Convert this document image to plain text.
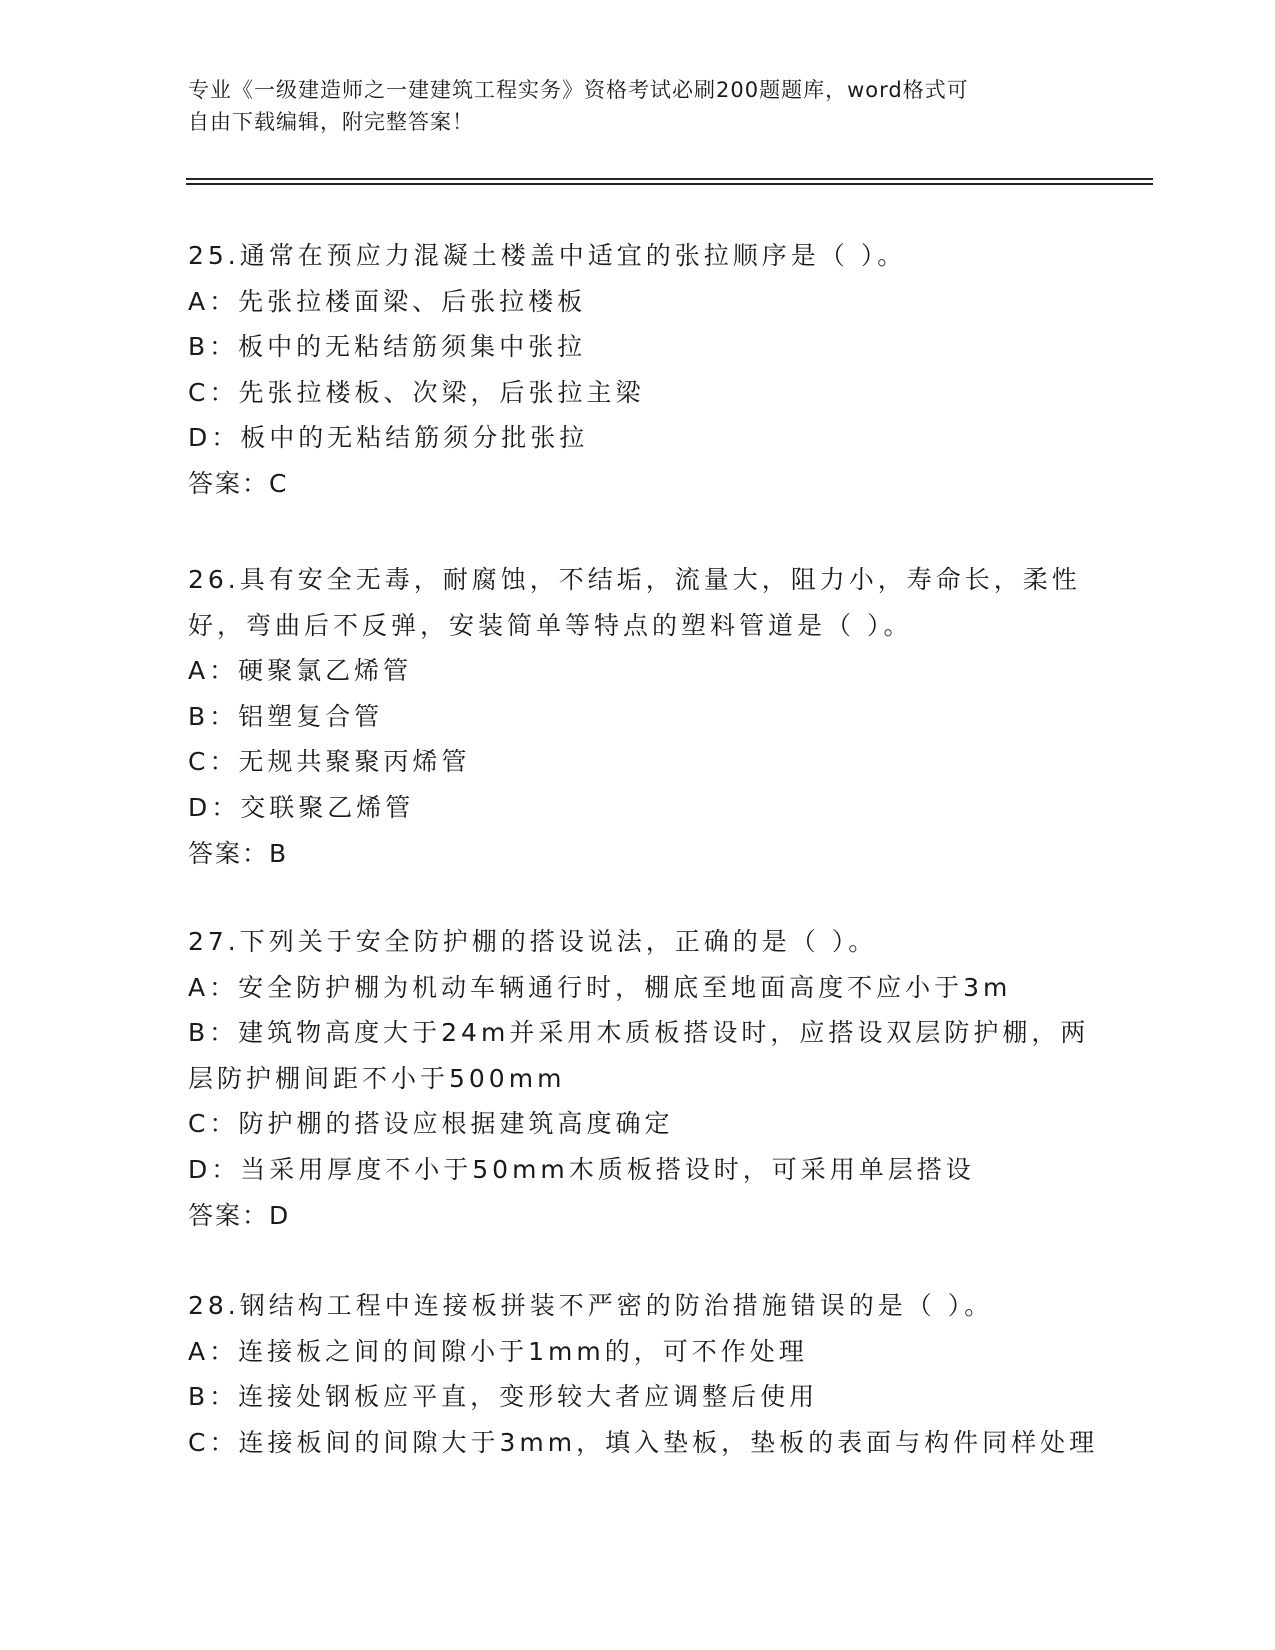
专业《一级建造师之一建建筑工程实务》资格考试必刷200题题库，word格式可
自由下载编辑，附完整答案！
25.通常在预应力混凝土楼盖中适宜的张拉顺序是（ ）。
A：先张拉楼面梁、后张拉楼板
B：板中的无粘结筋须集中张拉
C：先张拉楼板、次梁，后张拉主梁
D：板中的无粘结筋须分批张拉
答案：C
26.具有安全无毒，耐腐蚀，不结垢，流量大，阻力小，寿命长，柔性
好，弯曲后不反弹，安装简单等特点的塑料管道是（ ）。
A：硬聚氯乙烯管
B：铝塑复合管
C：无规共聚聚丙烯管
D：交联聚乙烯管
答案：B
27.下列关于安全防护棚的搭设说法，正确的是（ ）。
A：安全防护棚为机动车辆通行时，棚底至地面高度不应小于3m
B：建筑物高度大于24m并采用木质板搭设时，应搭设双层防护棚，两
层防护棚间距不小于500mm
C：防护棚的搭设应根据建筑高度确定
D：当采用厚度不小于50mm木质板搭设时，可采用单层搭设
答案：D
28.钢结构工程中连接板拼装不严密的防治措施错误的是（ ）。
A：连接板之间的间隙小于1mm的，可不作处理
B：连接处钢板应平直，变形较大者应调整后使用
C：连接板间的间隙大于3mm，填入垫板，垫板的表面与构件同样处理
